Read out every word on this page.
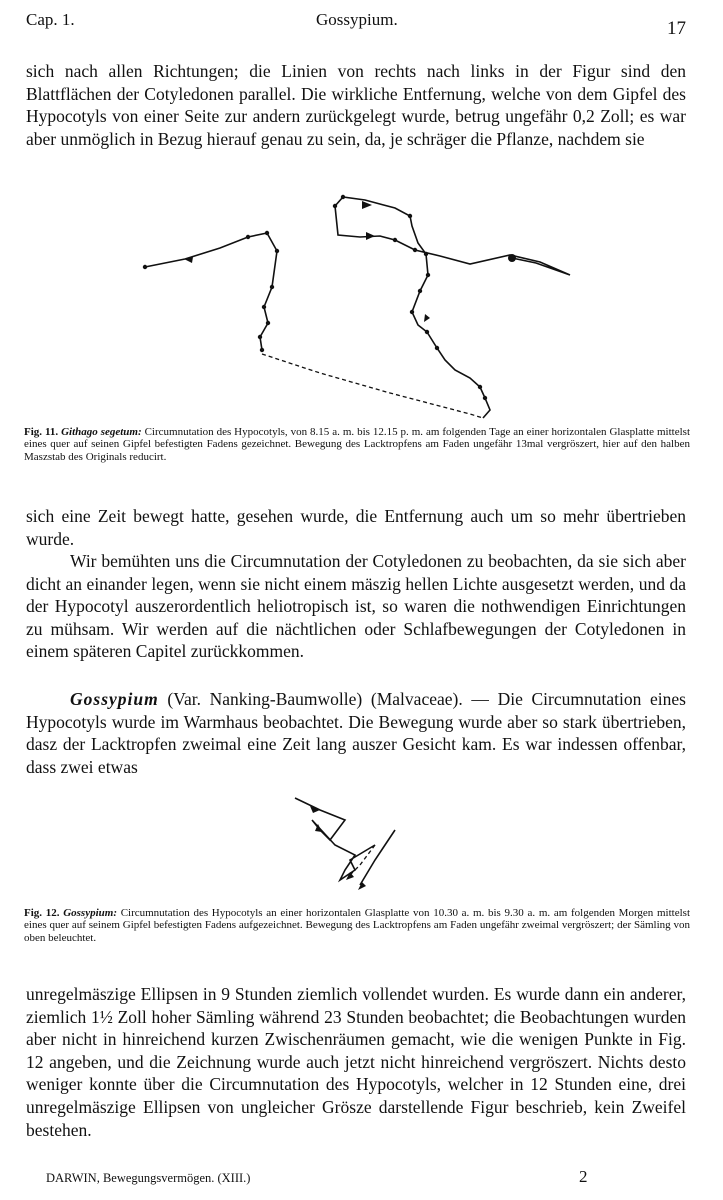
Cap. 1.	Gossypium.	17

sich nach allen Richtungen; die Linien von rechts nach links in der Figur sind den Blattflächen der Cotyledonen parallel. Die wirkliche Entfernung, welche von dem Gipfel des Hypocotyls von einer Seite zur andern zurückgelegt wurde, betrug ungefähr 0,2 Zoll; es war aber unmöglich in Bezug hierauf genau zu sein, da, je schräger die Pflanze, nachdem sie

Fig. 11. Githago segetum: Circumnutation des Hypocotyls, von 8.15 a. m. bis 12.15 p. m. am folgenden Tage an einer horizontalen Glasplatte mittelst eines quer auf seinen Gipfel befestigten Fadens gezeichnet. Bewegung des Lacktropfens am Faden ungefähr 13mal vergröszert, hier auf den halben Maszstab des Originals reducirt.

sich eine Zeit bewegt hatte, gesehen wurde, die Entfernung auch um so mehr übertrieben wurde.

Wir bemühten uns die Circumnutation der Cotyledonen zu beobachten, da sie sich aber dicht an einander legen, wenn sie nicht einem mäszig hellen Lichte ausgesetzt werden, und da der Hypocotyl auszerordentlich heliotropisch ist, so waren die nothwendigen Einrichtungen zu mühsam. Wir werden auf die nächtlichen oder Schlafbewegungen der Cotyledonen in einem späteren Capitel zurückkommen.

Gossypium (Var. Nanking-Baumwolle) (Malvaceae). — Die Circumnutation eines Hypocotyls wurde im Warmhaus beobachtet. Die Bewegung wurde aber so stark übertrieben, dasz der Lacktropfen zweimal eine Zeit lang auszer Gesicht kam. Es war indessen offenbar, dass zwei etwas

Fig. 12. Gossypium: Circumnutation des Hypocotyls an einer horizontalen Glasplatte von 10.30 a. m. bis 9.30 a. m. am folgenden Morgen mittelst eines quer auf seinem Gipfel befestigten Fadens aufgezeichnet. Bewegung des Lacktropfens am Faden ungefähr zweimal vergröszert; der Sämling von oben beleuchtet.

unregelmäszige Ellipsen in 9 Stunden ziemlich vollendet wurden. Es wurde dann ein anderer, ziemlich 1½ Zoll hoher Sämling während 23 Stunden beobachtet; die Beobachtungen wurden aber nicht in hinreichend kurzen Zwischenräumen gemacht, wie die wenigen Punkte in Fig. 12 angeben, und die Zeichnung wurde auch jetzt nicht hinreichend vergröszert. Nichts desto weniger konnte über die Circumnutation des Hypocotyls, welcher in 12 Stunden eine, drei unregelmäszige Ellipsen von ungleicher Grösze darstellende Figur beschrieb, kein Zweifel bestehen.

DARWIN, Bewegungsvermögen. (XIII.)	2
